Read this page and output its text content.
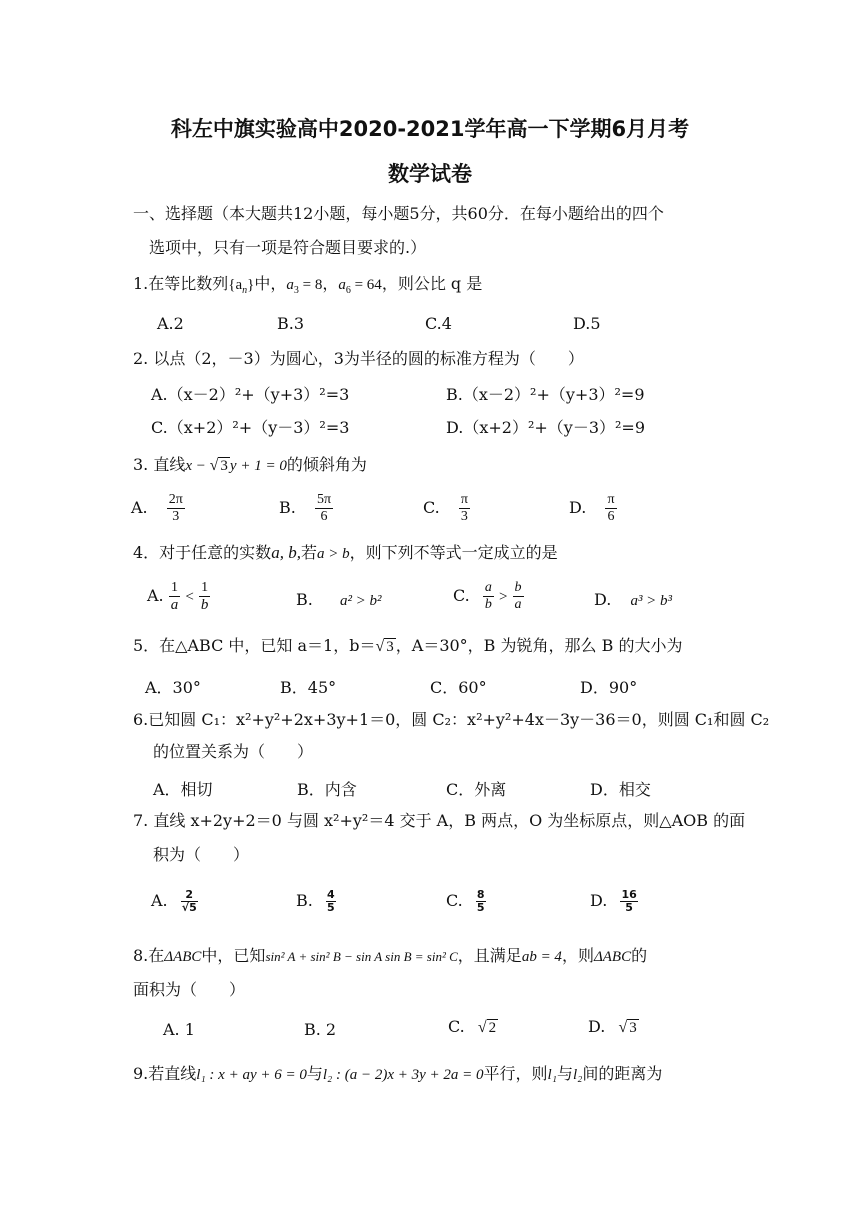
科左中旗实验高中2020-2021学年高一下学期6月月考
数学试卷
一、选择题（本大题共12小题，每小题5分，共60分．在每小题给出的四个
选项中，只有一项是符合题目要求的.）
1.在等比数列$\{a_n\}$中，$a_3 = 8$，$a_6 = 64$，则公比 q 是
A.2	B.3	C.4	D.5
2. 以点（2，－3）为圆心，3为半径的圆的标准方程为（　　）
A.（x－2）²+（y+3）²=3	B.（x－2）²+（y+3）²=9
C.（x+2）²+（y－3）²=3	D.（x+2）²+（y－3）²=9
3. 直线x − √ 3 y + 1 = 0的倾斜角为
A. $\frac{2\pi}{3}$	B. $\frac{5\pi}{6}$	C. $\frac{\pi}{3}$	D. $\frac{\pi}{6}$
4．对于任意的实数a, b,若a > b，则下列不等式一定成立的是
A. $\frac{1}{a} < \frac{1}{b}$	B. a² > b²	C. $\frac{a}{b} > \frac{b}{a}$	D. a³ > b³
5．在△ABC 中，已知 a＝1，b＝√ 3 ，A＝30°，B 为锐角，那么 B 的大小为
A．30°	B．45°	C．60°	D．90°
6.已知圆 C₁：x²+y²+2x+3y+1＝0，圆 C₂：x²+y²+4x－3y－36＝0，则圆 C₁和圆 C₂
的位置关系为（　　）
A．相切	B．内含	C．外离	D．相交
7. 直线 x+2y+2＝0 与圆 x²+y²＝4 交于 A，B 两点，O 为坐标原点，则△AOB 的面
积为（　　）
A. $\frac{2}{√5}$	B. $\frac{4}{5}$	C. $\frac{8}{5}$	D. $\frac{16}{5}$
8.在ΔABC中，已知sin² A + sin² B − sin A sin B = sin² C，且满足ab = 4，则ΔABC的
面积为（　　）
A. 1	B. 2	C. √ 2	D. √ 3
9.若直线l₁ : x + ay + 6 = 0与l₂ : (a − 2)x + 3y + 2a = 0平行，则l₁与l₂间的距离为
